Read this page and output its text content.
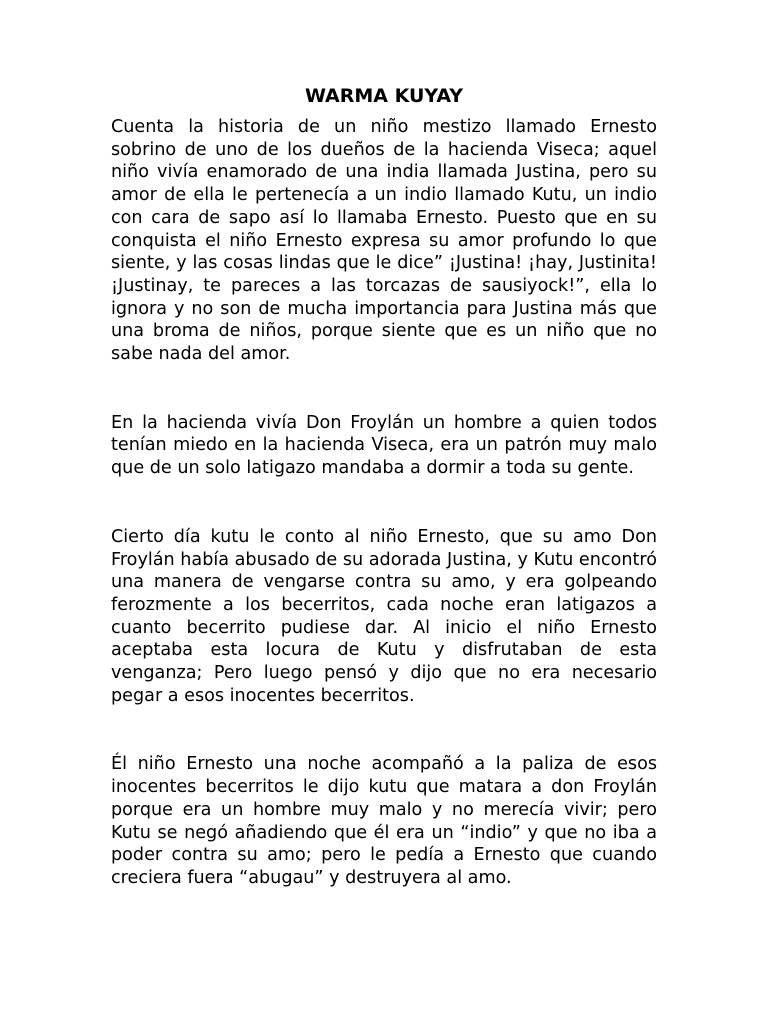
WARMA KUYAY

Cuenta la historia de un niño mestizo llamado Ernesto sobrino de uno de los dueños de la hacienda Viseca; aquel niño vivía enamorado de una india llamada Justina, pero su amor de ella le pertenecía a un indio llamado Kutu, un indio con cara de sapo así lo llamaba Ernesto. Puesto que en su conquista el niño Ernesto expresa su amor profundo lo que siente, y las cosas lindas que le dice” ¡Justina! ¡hay, Justinita! ¡Justinay, te pareces a las torcazas de sausiyock!”, ella lo ignora y no son de mucha importancia para Justina más que una broma de niños, porque siente que es un niño que no sabe nada del amor.

En la hacienda vivía Don Froylán un hombre a quien todos tenían miedo en la hacienda Viseca, era un patrón muy malo que de un solo latigazo mandaba a dormir a toda su gente.

Cierto día kutu le conto al niño Ernesto, que su amo Don Froylán había abusado de su adorada Justina, y Kutu encontró una manera de vengarse contra su amo, y era golpeando ferozmente a los becerritos, cada noche eran latigazos a cuanto becerrito pudiese dar. Al inicio el niño Ernesto aceptaba esta locura de Kutu y disfrutaban de esta venganza; Pero luego pensó y dijo que no era necesario pegar a esos inocentes becerritos.

Él niño Ernesto una noche acompañó a la paliza de esos inocentes becerritos le dijo kutu que matara a don Froylán porque era un hombre muy malo y no merecía vivir; pero Kutu se negó añadiendo que él era un “indio” y que no iba a poder contra su amo; pero le pedía a Ernesto que cuando creciera fuera “abugau” y destruyera al amo.
